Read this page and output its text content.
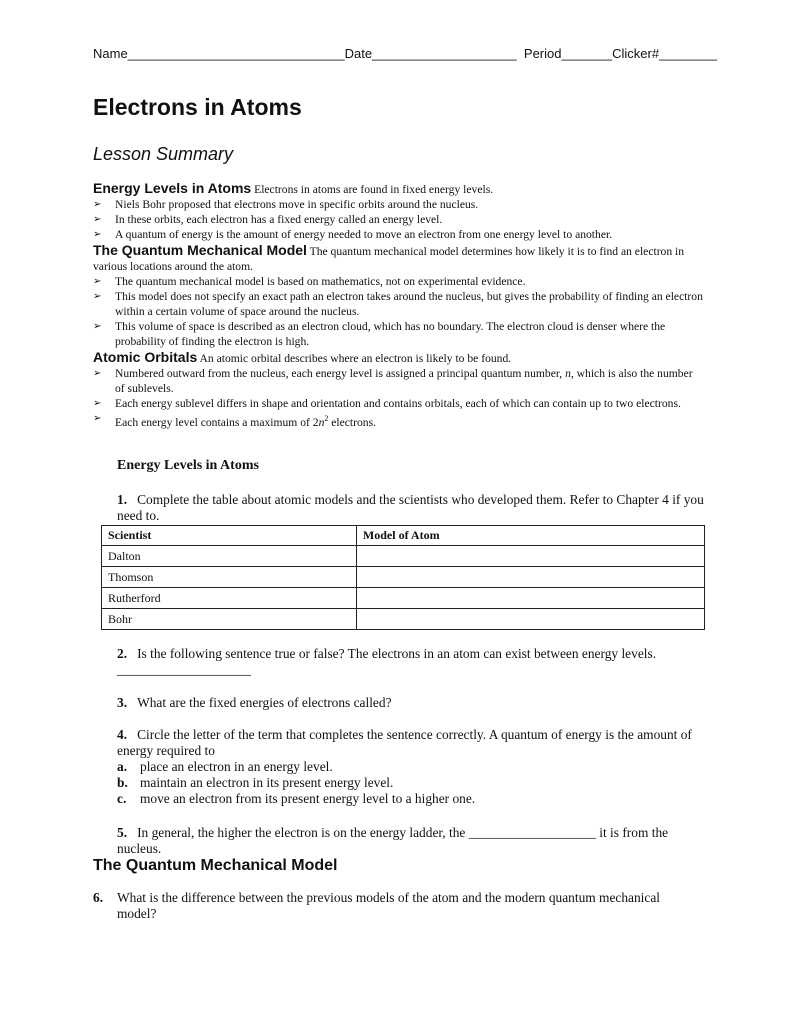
Name______________________________Date____________________ Period_______Clicker#________
Electrons in Atoms
Lesson Summary
Energy Levels in Atoms Electrons in atoms are found in fixed energy levels.
➢ Niels Bohr proposed that electrons move in specific orbits around the nucleus.
➢ In these orbits, each electron has a fixed energy called an energy level.
➢ A quantum of energy is the amount of energy needed to move an electron from one energy level to another.
The Quantum Mechanical Model The quantum mechanical model determines how likely it is to find an electron in various locations around the atom.
➢ The quantum mechanical model is based on mathematics, not on experimental evidence.
➢ This model does not specify an exact path an electron takes around the nucleus, but gives the probability of finding an electron within a certain volume of space around the nucleus.
➢ This volume of space is described as an electron cloud, which has no boundary. The electron cloud is denser where the probability of finding the electron is high.
Atomic Orbitals An atomic orbital describes where an electron is likely to be found.
➢ Numbered outward from the nucleus, each energy level is assigned a principal quantum number, n, which is also the number of sublevels.
➢ Each energy sublevel differs in shape and orientation and contains orbitals, each of which can contain up to two electrons.
➢ Each energy level contains a maximum of $2n^2$ electrons.
Energy Levels in Atoms
1. Complete the table about atomic models and the scientists who developed them. Refer to Chapter 4 if you need to.
Scientist	Model of Atom
Dalton	
Thomson	
Rutherford	
Bohr	
2. Is the following sentence true or false? The electrons in an atom can exist between energy levels.
____________________
3. What are the fixed energies of electrons called?
4. Circle the letter of the term that completes the sentence correctly. A quantum of energy is the amount of energy required to
a. place an electron in an energy level.
b. maintain an electron in its present energy level.
c. move an electron from its present energy level to a higher one.
5. In general, the higher the electron is on the energy ladder, the ___________________ it is from the nucleus.
The Quantum Mechanical Model
6. What is the difference between the previous models of the atom and the modern quantum mechanical model?
